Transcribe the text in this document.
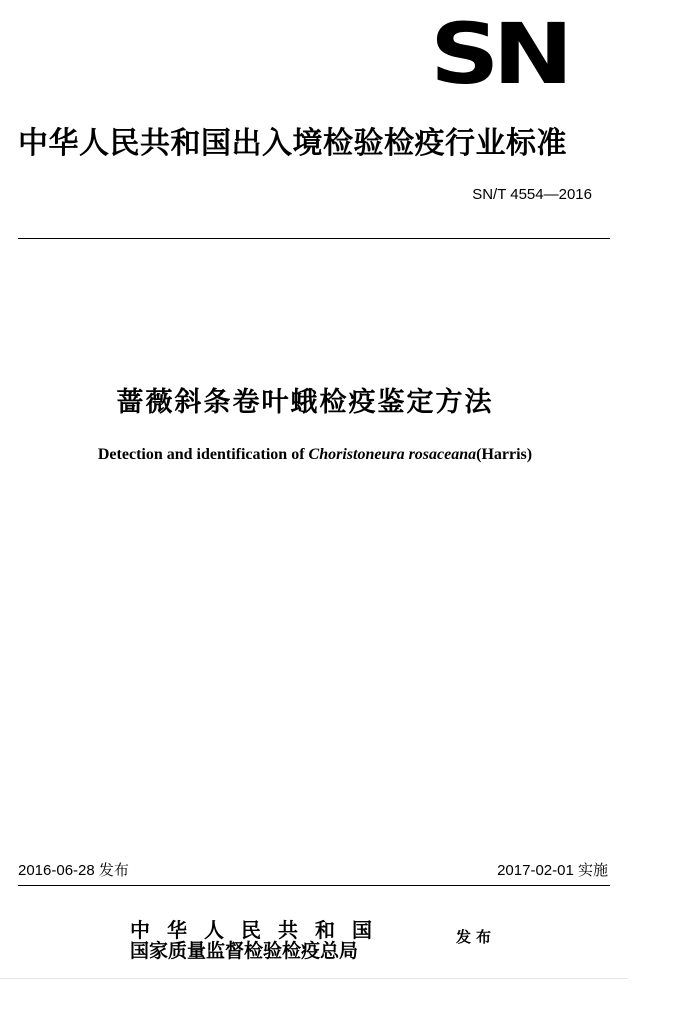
SN
中华人民共和国出入境检验检疫行业标准
SN/T 4554—2016
蔷薇斜条卷叶蛾检疫鉴定方法
Detection and identification of Choristoneura rosaceana(Harris)
2016-06-28 发布	2017-02-01 实施
中华人民共和国
国家质量监督检验检疫总局
发布
